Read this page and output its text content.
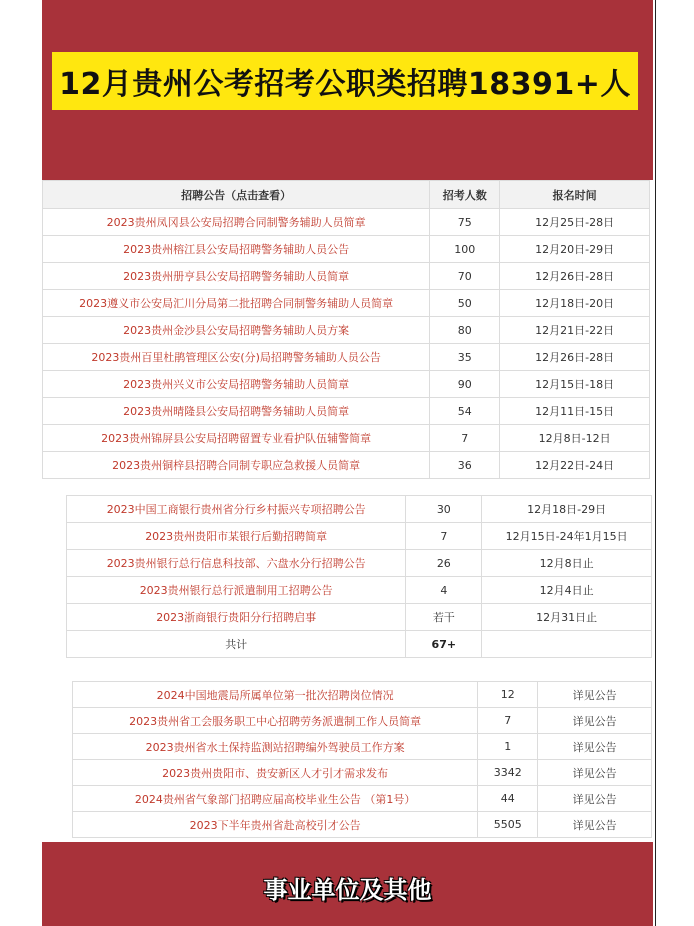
12月贵州公考招考公职类招聘18391+人
招聘公告（点击查看）	招考人数	报名时间
2023贵州凤冈县公安局招聘合同制警务辅助人员简章	75	12月25日-28日
2023贵州榕江县公安局招聘警务辅助人员公告	100	12月20日-29日
2023贵州册亨县公安局招聘警务辅助人员简章	70	12月26日-28日
2023遵义市公安局汇川分局第二批招聘合同制警务辅助人员简章	50	12月18日-20日
2023贵州金沙县公安局招聘警务辅助人员方案	80	12月21日-22日
2023贵州百里杜鹃管理区公安(分)局招聘警务辅助人员公告	35	12月26日-28日
2023贵州兴义市公安局招聘警务辅助人员简章	90	12月15日-18日
2023贵州晴隆县公安局招聘警务辅助人员简章	54	12月11日-15日
2023贵州锦屏县公安局招聘留置专业看护队伍辅警简章	7	12月8日-12日
2023贵州铜梓县招聘合同制专职应急救援人员简章	36	12月22日-24日
2023中国工商银行贵州省分行乡村振兴专项招聘公告	30	12月18日-29日
2023贵州贵阳市某银行后勤招聘简章	7	12月15日-24年1月15日
2023贵州银行总行信息科技部、六盘水分行招聘公告	26	12月8日止
2023贵州银行总行派遣制用工招聘公告	4	12月4日止
2023浙商银行贵阳分行招聘启事	若干	12月31日止
共计	67+	
2024中国地震局所属单位第一批次招聘岗位情况	12	详见公告
2023贵州省工会服务职工中心招聘劳务派遣制工作人员简章	7	详见公告
2023贵州省水土保持监测站招聘编外驾驶员工作方案	1	详见公告
2023贵州贵阳市、贵安新区人才引才需求发布	3342	详见公告
2024贵州省气象部门招聘应届高校毕业生公告 （第1号）	44	详见公告
2023下半年贵州省赴高校引才公告	5505	详见公告
事业单位及其他
